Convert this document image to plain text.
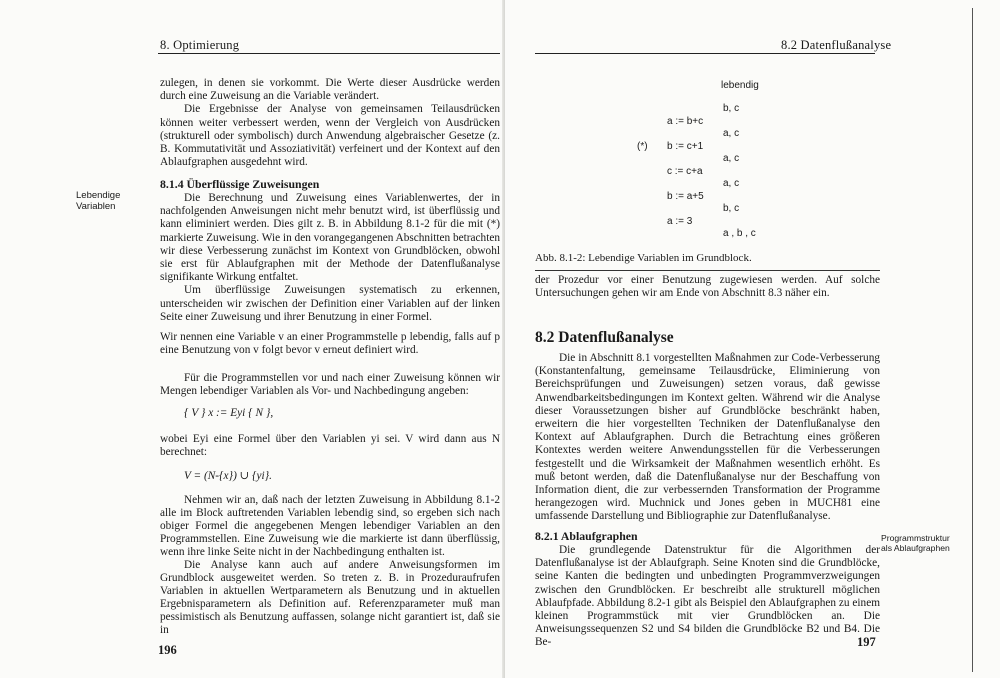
8. Optimierung
Lebendige Variablen

zulegen, in denen sie vorkommt. Die Werte dieser Ausdrücke werden durch eine Zuweisung an die Variable verändert.

Die Ergebnisse der Analyse von gemeinsamen Teilausdrücken können weiter verbessert werden, wenn der Vergleich von Ausdrücken (strukturell oder symbolisch) durch Anwendung algebraischer Gesetze (z. B. Kommutativität und Assoziativität) verfeinert und der Kontext auf den Ablaufgraphen ausgedehnt wird.

8.1.4 Überflüssige Zuweisungen

Die Berechnung und Zuweisung eines Variablenwertes, der in nachfolgenden Anweisungen nicht mehr benutzt wird, ist überflüssig und kann eliminiert werden. Dies gilt z. B. in Abbildung 8.1-2 für die mit (*) markierte Zuweisung. Wie in den vorangegangenen Abschnitten betrachten wir diese Verbesserung zunächst im Kontext von Grundblöcken, obwohl sie erst für Ablaufgraphen mit der Methode der Datenflußanalyse signifikante Wirkung entfaltet.

Um überflüssige Zuweisungen systematisch zu erkennen, unterscheiden wir zwischen der Definition einer Variablen auf der linken Seite einer Zuweisung und ihrer Benutzung in einer Formel.

Wir nennen eine Variable v an einer Programmstelle p lebendig, falls auf p eine Benutzung von v folgt bevor v erneut definiert wird.
Für die Programmstellen vor und nach einer Zuweisung können wir Mengen lebendiger Variablen als Vor- und Nachbedingung angeben:
{ V } x := Eyi { N },
wobei Eyi eine Formel über den Variablen yi sei. V wird dann aus N berechnet:
V = (N-{x}) ∪ {yi}.

Nehmen wir an, daß nach der letzten Zuweisung in Abbildung 8.1-2 alle im Block auftretenden Variablen lebendig sind, so ergeben sich nach obiger Formel die angegebenen Mengen lebendiger Variablen an den Programmstellen. Eine Zuweisung wie die markierte ist dann überflüssig, wenn ihre linke Seite nicht in der Nachbedingung enthalten ist.

Die Analyse kann auch auf andere Anweisungsformen im Grundblock ausgeweitet werden. So treten z. B. in Prozeduraufrufen Variablen in aktuellen Wertparametern als Benutzung und in aktuellen Ergebnisparametern als Definition auf. Referenzparameter muß man pessimistisch als Benutzung auffassen, solange nicht garantiert ist, daß sie in

196
8.2 Datenflußanalyse
lebendig
b, c
a := b+c
a, c
(*) b := c+1
a, c
c := c+a
a, c
b := a+5
b, c
a := 3
a , b , c
Abb. 8.1-2: Lebendige Variablen im Grundblock.
der Prozedur vor einer Benutzung zugewiesen werden. Auf solche Untersuchungen gehen wir am Ende von Abschnitt 8.3 näher ein.
8.2 Datenflußanalyse
Die in Abschnitt 8.1 vorgestellten Maßnahmen zur Code-Verbesserung (Konstantenfaltung, gemeinsame Teilausdrücke, Eliminierung von Bereichsprüfungen und Zuweisungen) setzen voraus, daß gewisse Anwendbarkeitsbedingungen im Kontext gelten. Während wir die Analyse dieser Voraussetzungen bisher auf Grundblöcke beschränkt haben, erweitern die hier vorgestellten Techniken der Datenflußanalyse den Kontext auf Ablaufgraphen. Durch die Betrachtung eines größeren Kontextes werden weitere Anwendungsstellen für die Verbesserungen festgestellt und die Wirksamkeit der Maßnahmen wesentlich erhöht. Es muß betont werden, daß die Datenflußanalyse nur der Beschaffung von Information dient, die zur verbessernden Transformation der Programme herangezogen wird. Muchnick und Jones geben in MUCH81 eine umfassende Darstellung und Bibliographie zur Datenflußanalyse.
8.2.1 Ablaufgraphen	Programmstruktur als Ablaufgraphen
Die grundlegende Datenstruktur für die Algorithmen der Datenflußanalyse ist der Ablaufgraph. Seine Knoten sind die Grundblöcke, seine Kanten die bedingten und unbedingten Programmverzweigungen zwischen den Grundblöcken. Er beschreibt alle strukturell möglichen Ablaufpfade. Abbildung 8.2-1 gibt als Beispiel den Ablaufgraphen zu einem kleinen Programmstück mit vier Grundblöcken an. Die Anweisungssequenzen S2 und S4 bilden die Grundblöcke B2 und B4. Die Be-	197
